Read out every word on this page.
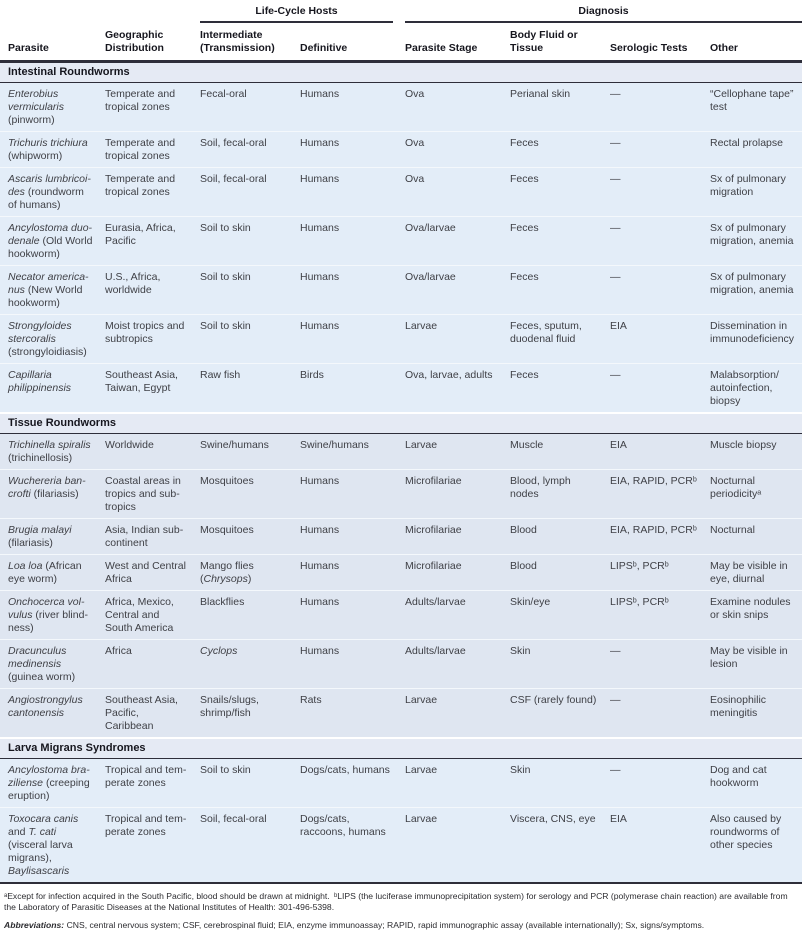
		Life-Cycle Hosts		Diagnosis			

Parasite	Geographic Distribution	Intermediate (Transmission)	Definitive	Parasite Stage	Body Fluid or Tissue	Serologic Tests	Other
Intestinal Roundworms							
Enterobius vermicularis (pinworm)	Temperate and tropical zones	Fecal-oral	Humans	Ova	Perianal skin	—	“Cellophane tape” test
Trichuris trichiura (whipworm)	Temperate and tropical zones	Soil, fecal-oral	Humans	Ova	Feces	—	Rectal prolapse
Ascaris lumbricoides (roundworm of humans)	Temperate and tropical zones	Soil, fecal-oral	Humans	Ova	Feces	—	Sx of pulmonary migration
Ancylostoma duodenale (Old World hookworm)	Eurasia, Africa, Pacific	Soil to skin	Humans	Ova/larvae	Feces	—	Sx of pulmonary migration, anemia
Necator americanus (New World hookworm)	U.S., Africa, worldwide	Soil to skin	Humans	Ova/larvae	Feces	—	Sx of pulmonary migration, anemia
Strongyloides stercoralis (strongyloidiasis)	Moist tropics and subtropics	Soil to skin	Humans	Larvae	Feces, sputum, duodenal fluid	EIA	Dissemination in immunodeficiency
Capillaria philippinensis	Southeast Asia, Taiwan, Egypt	Raw fish	Birds	Ova, larvae, adults	Feces	—	Malabsorption/ autoinfection, biopsy
Tissue Roundworms							
Trichinella spiralis (trichinellosis)	Worldwide	Swine/humans	Swine/humans	Larvae	Muscle	EIA	Muscle biopsy
Wuchereria bancrofti (filariasis)	Coastal areas in tropics and subtropics	Mosquitoes	Humans	Microfilariae	Blood, lymph nodes	EIA, RAPID, PCRᵇ	Nocturnal periodicityᵃ
Brugia malayi (filariasis)	Asia, Indian subcontinent	Mosquitoes	Humans	Microfilariae	Blood	EIA, RAPID, PCRᵇ	Nocturnal
Loa loa (African eye worm)	West and Central Africa	Mango flies (Chrysops)	Humans	Microfilariae	Blood	LIPSᵇ, PCRᵇ	May be visible in eye, diurnal
Onchocerca volvulus (river blindness)	Africa, Mexico, Central and South America	Blackflies	Humans	Adults/larvae	Skin/eye	LIPSᵇ, PCRᵇ	Examine nodules or skin snips
Dracunculus medinensis (guinea worm)	Africa	Cyclops	Humans	Adults/larvae	Skin	—	May be visible in lesion
Angiostrongylus cantonensis	Southeast Asia, Pacific, Caribbean	Snails/slugs, shrimp/fish	Rats	Larvae	CSF (rarely found)	—	Eosinophilic meningitis
Larva Migrans Syndromes							
Ancylostoma braziliense (creeping eruption)	Tropical and temperate zones	Soil to skin	Dogs/cats, humans	Larvae	Skin	—	Dog and cat hookworm
Toxocara canis and T. cati (visceral larva migrans), Baylisascaris	Tropical and temperate zones	Soil, fecal-oral	Dogs/cats, raccoons, humans	Larvae	Viscera, CNS, eye	EIA	Also caused by roundworms of other species

ᵃExcept for infection acquired in the South Pacific, blood should be drawn at midnight. ᵇLIPS (the luciferase immunoprecipitation system) for serology and PCR (polymerase chain reaction) are available from the Laboratory of Parasitic Diseases at the National Institutes of Health: 301-496-5398.

Abbreviations: CNS, central nervous system; CSF, cerebrospinal fluid; EIA, enzyme immunoassay; RAPID, rapid immunographic assay (available internationally); Sx, signs/symptoms.
